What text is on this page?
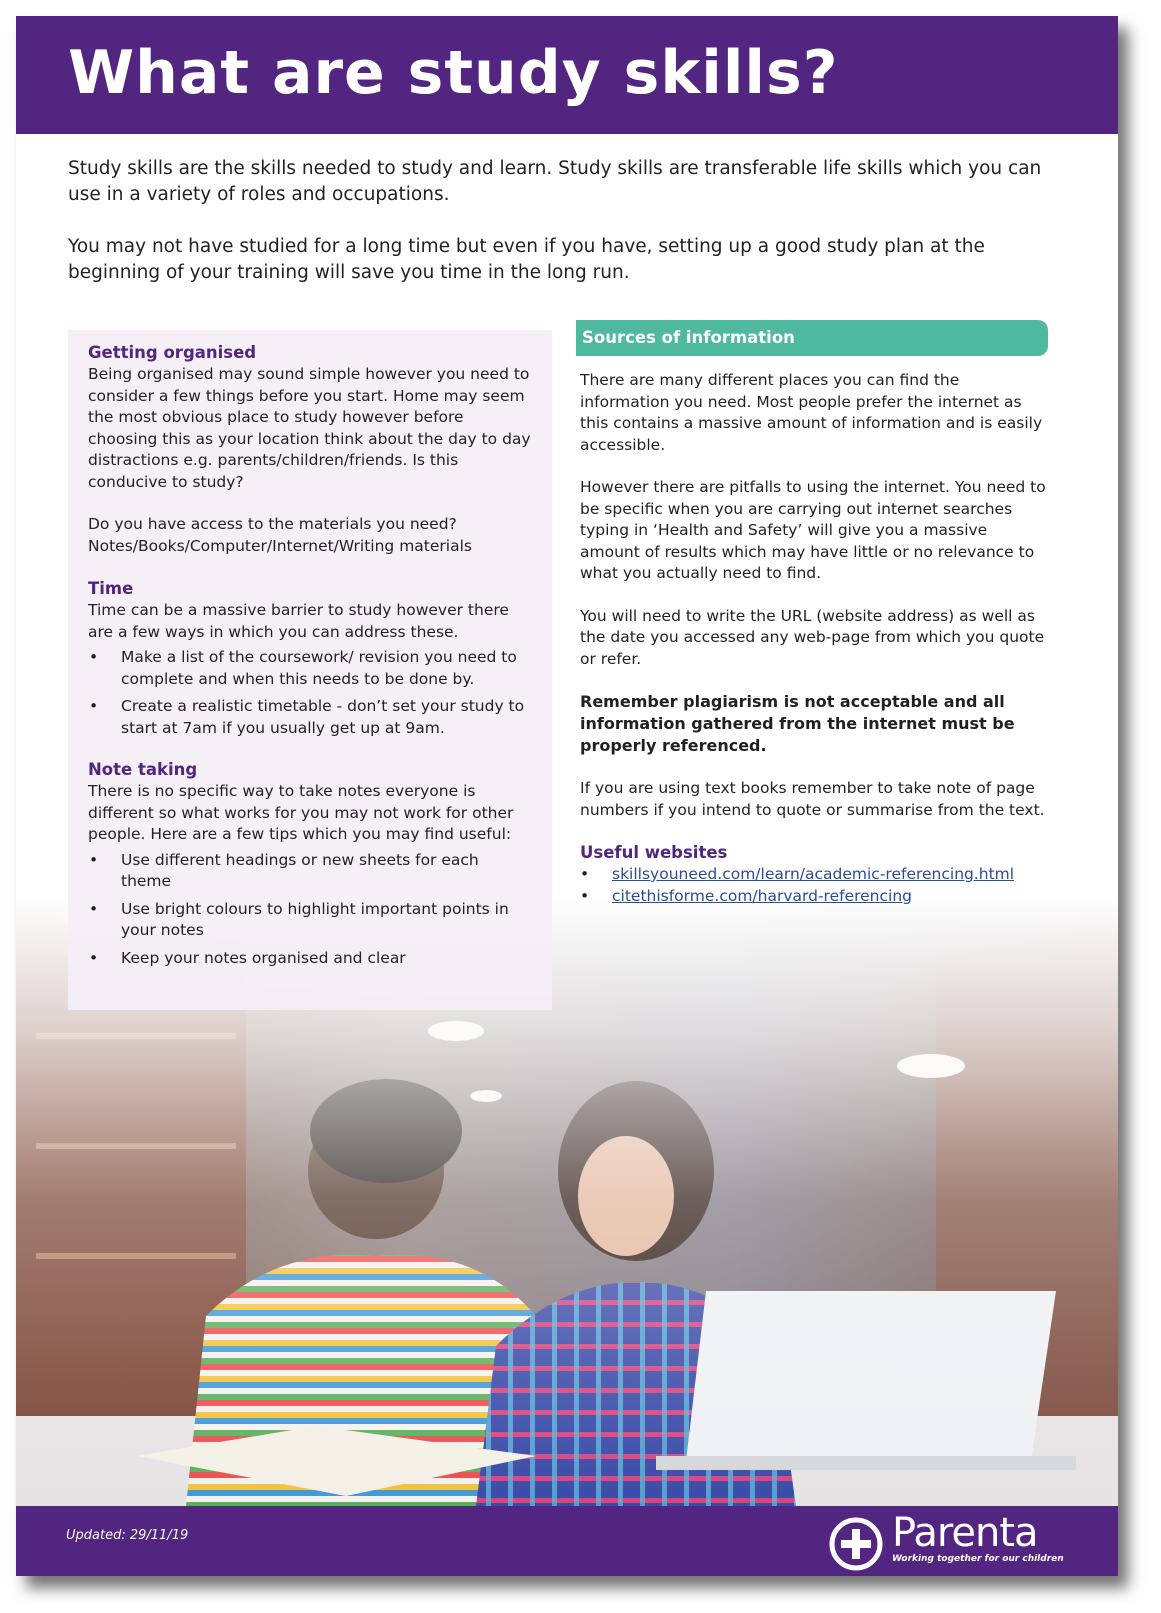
What are study skills?

Study skills are the skills needed to study and learn. Study skills are transferable life skills which you can use in a variety of roles and occupations.

You may not have studied for a long time but even if you have, setting up a good study plan at the beginning of your training will save you time in the long run.

Getting organised

Being organised may sound simple however you need to consider a few things before you start. Home may seem the most obvious place to study however before choosing this as your location think about the day to day distractions e.g. parents/children/friends. Is this conducive to study?

Do you have access to the materials you need? Notes/Books/Computer/Internet/Writing materials

Time

Time can be a massive barrier to study however there are a few ways in which you can address these.

• Make a list of the coursework/ revision you need to complete and when this needs to be done by.
• Create a realistic timetable - don’t set your study to start at 7am if you usually get up at 9am.
Note taking

There is no specific way to take notes everyone is different so what works for you may not work for other people. Here are a few tips which you may find useful:

• Use different headings or new sheets for each theme
• Use bright colours to highlight important points in your notes
• Keep your notes organised and clear
Sources of information

There are many different places you can find the information you need. Most people prefer the internet as this contains a massive amount of information and is easily accessible.

However there are pitfalls to using the internet. You need to be specific when you are carrying out internet searches typing in ‘Health and Safety’ will give you a massive amount of results which may have little or no relevance to what you actually need to find.

You will need to write the URL (website address) as well as the date you accessed any web-page from which you quote or refer.

Remember plagiarism is not acceptable and all information gathered from the internet must be properly referenced.

If you are using text books remember to take note of page numbers if you intend to quote or summarise from the text.

Useful websites
• skillsyouneed.com/learn/academic-referencing.html
• citethisforme.com/harvard-referencing
Updated: 29/11/19	Parenta
Working together for our children
